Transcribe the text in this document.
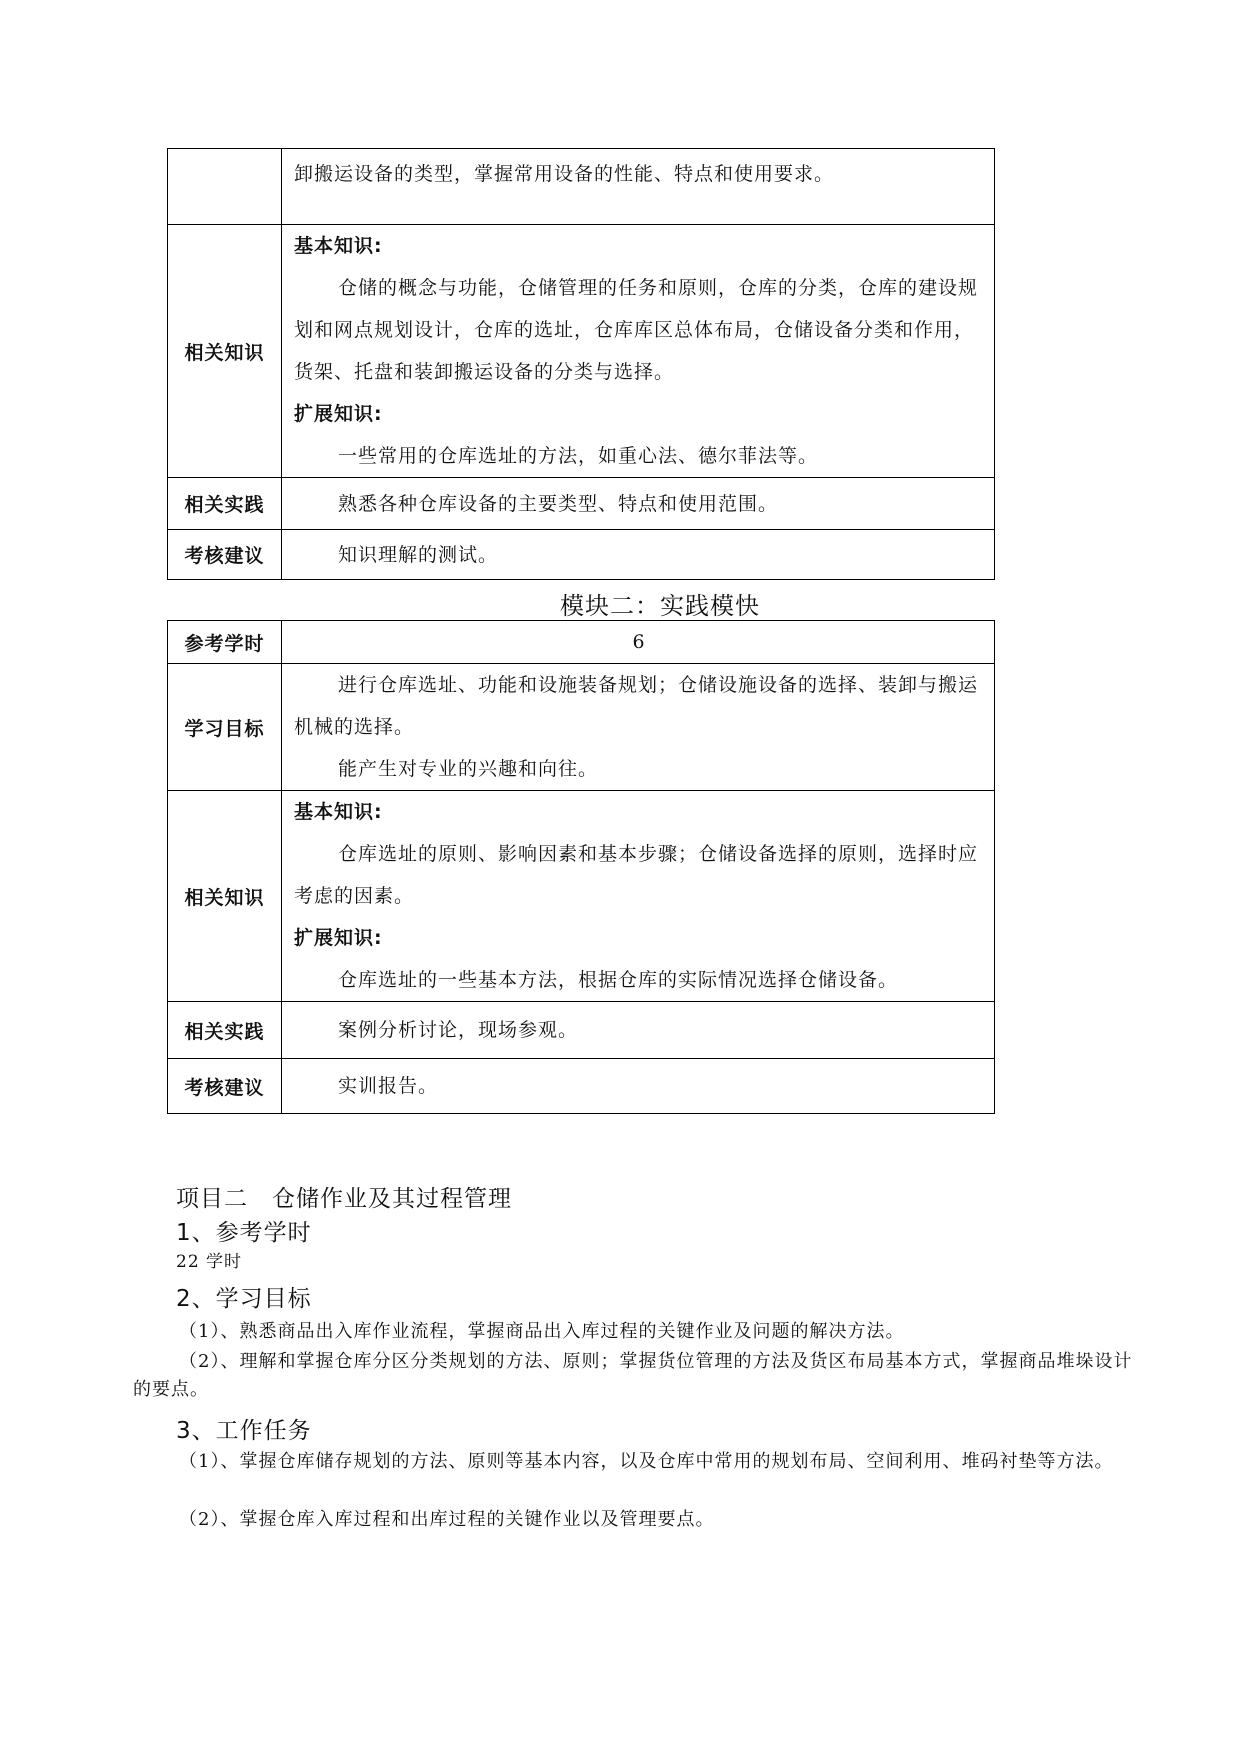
	卸搬运设备的类型，掌握常用设备的性能、特点和使用要求。

相关知识	基本知识:
仓储的概念与功能，仓储管理的任务和原则，仓库的分类，仓库的建设规划和网点规划设计，仓库的选址，仓库库区总体布局，仓储设备分类和作用，货架、托盘和装卸搬运设备的分类与选择。
扩展知识:
一些常用的仓库选址的方法，如重心法、德尔菲法等。

相关实践	熟悉各种仓库设备的主要类型、特点和使用范围。

考核建议	知识理解的测试。
模块二：实践模快
参考学时	6
学习目标	进行仓库选址、功能和设施装备规划；仓储设施设备的选择、装卸与搬运机械的选择。
能产生对专业的兴趣和向往。

相关知识	基本知识:
仓库选址的原则、影响因素和基本步骤；仓储设备选择的原则，选择时应考虑的因素。
扩展知识:
仓库选址的一些基本方法，根据仓库的实际情况选择仓储设备。

相关实践	案例分析讨论，现场参观。

考核建议	实训报告。
项目二　仓储作业及其过程管理
1、参考学时
22 学时
2、学习目标
（1）、熟悉商品出入库作业流程，掌握商品出入库过程的关键作业及问题的解决方法。
（2）、理解和掌握仓库分区分类规划的方法、原则；掌握货位管理的方法及货区布局基本方式，掌握商品堆垛设计的要点。
3、工作任务
（1）、掌握仓库储存规划的方法、原则等基本内容，以及仓库中常用的规划布局、空间利用、堆码衬垫等方法。
（2）、掌握仓库入库过程和出库过程的关键作业以及管理要点。
